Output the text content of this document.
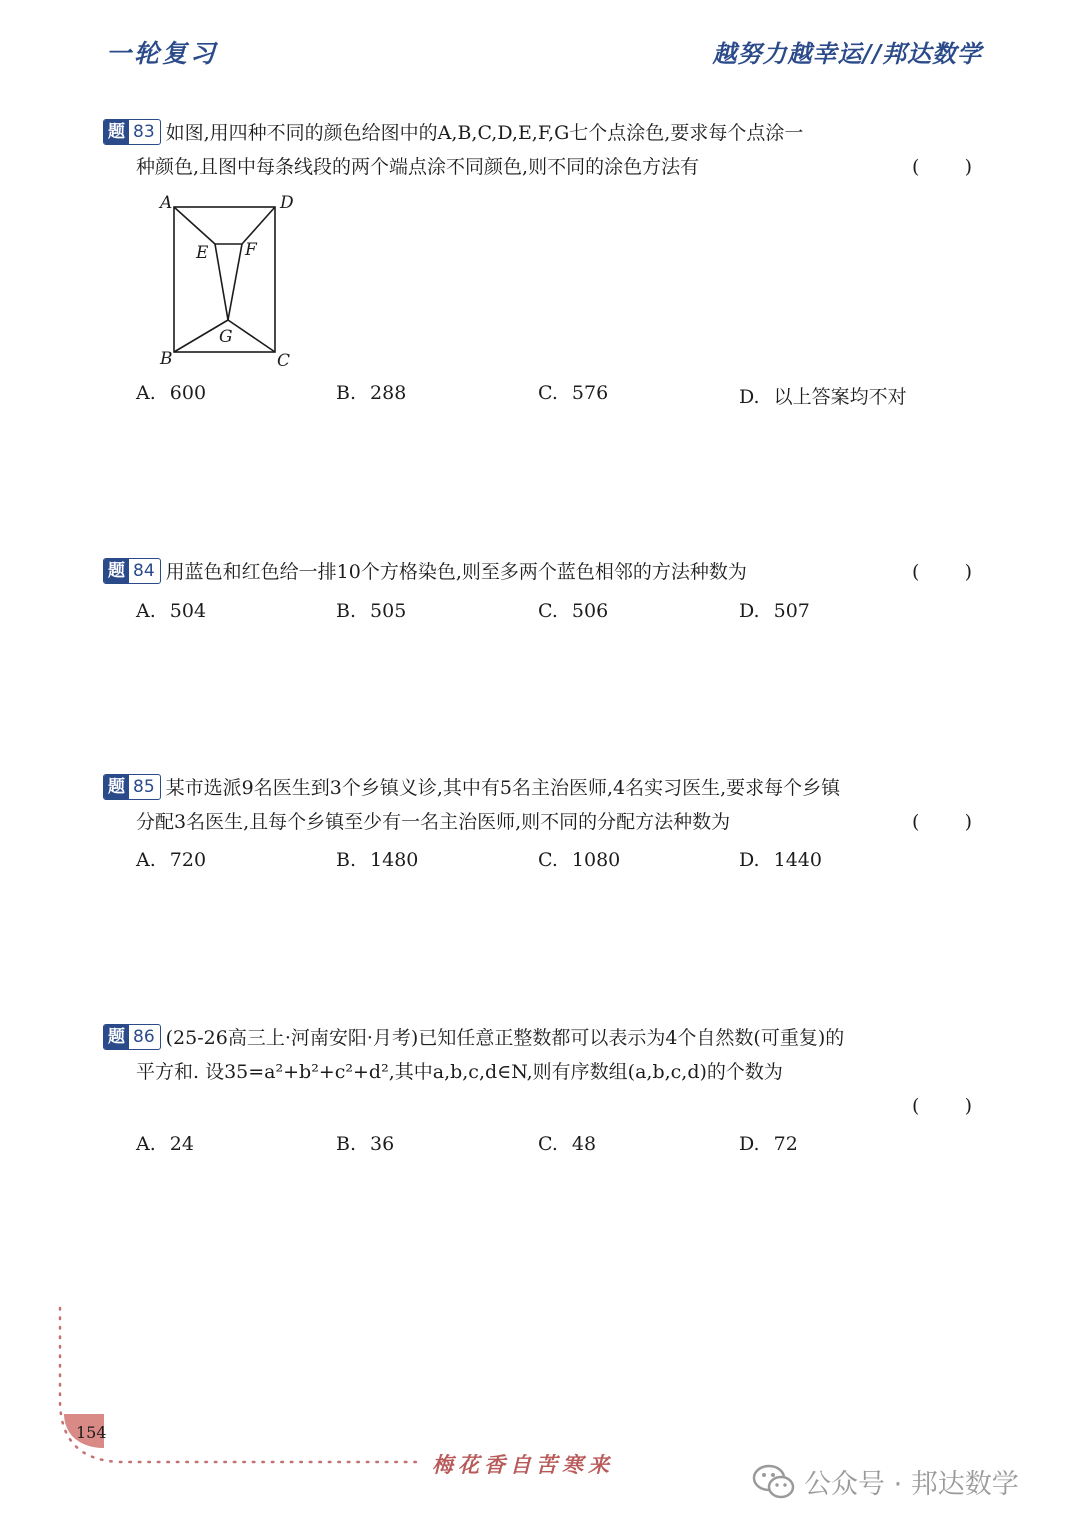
一轮复习	越努力越幸运//邦达数学
题 83 如图,用四种不同的颜色给图中的A,B,C,D,E,F,G七个点涂色,要求每个点涂一
种颜色,且图中每条线段的两个端点涂不同颜色,则不同的涂色方法有	( )
A	D
B	C
E F
G
A. 600	B. 288	C. 576	D. 以上答案均不对
题 84 用蓝色和红色给一排10个方格染色,则至多两个蓝色相邻的方法种数为	( )
A. 504	B. 505	C. 506	D. 507
题 85 某市选派9名医生到3个乡镇义诊,其中有5名主治医师,4名实习医生,要求每个乡镇
分配3名医生,且每个乡镇至少有一名主治医师,则不同的分配方法种数为	( )
A. 720	B. 1480	C. 1080	D. 1440
题 86 (25-26高三上·河南安阳·月考)已知任意正整数都可以表示为4个自然数(可重复)的
平方和. 设35=a²+b²+c²+d²,其中a,b,c,d∈N,则有序数组(a,b,c,d)的个数为
( )
A. 24	B. 36	C. 48	D. 72
154
梅花香自苦寒来
公众号 · 邦达数学
